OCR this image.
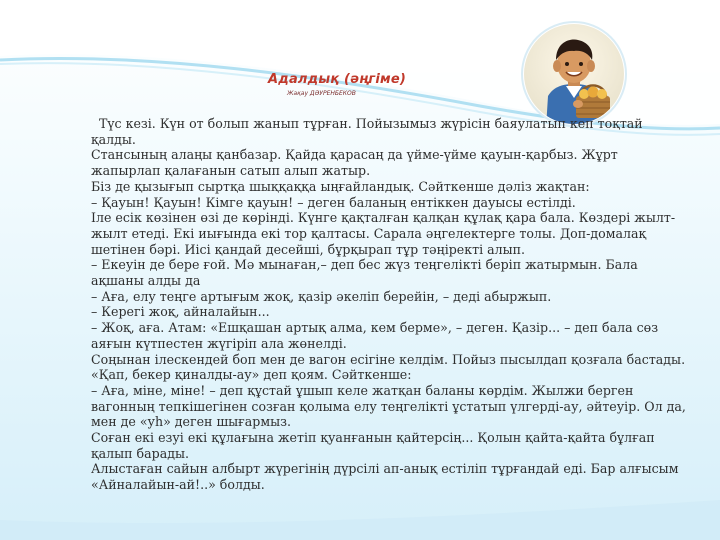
Адалдық (әңгіме)
Жақау ДӘУРЕНБЕКОВ

Түс кезі. Күн от болып жанып тұрған. Пойызымыз жүрісін баяулатып кеп тоқтай қалды.

Стансының алаңы қанбазар. Қайда қарасаң да үйме-үйме қауын-қарбыз. Жұрт жапырлап қалағанын сатып алып жатыр.

Біз де қызығып сыртқа шыққаққа ыңғайландық. Сәйткенше дәліз жақтан:

– Қауын! Қауын! Кімге қауын! – деген баланың ентіккен дауысы естілді.

Іле есік көзінен өзі де көрінді. Күнге қақталған қалқан құлақ қара бала. Көздері жылт-жылт етеді. Екі иығында екі тор қалтасы. Сарала әңгелектерге толы. Доп-домалақ шетінен бәрі. Иісі қандай десейші, бұрқырап тұр тәңіректі алып.

– Екеуін де бере ғой. Мә мынаған,– деп бес жүз теңгелікті беріп жатырмын. Бала ақшаны алды да

– Аға, елу теңге артығым жоқ, қазір әкеліп берейін, – деді абыржып.

– Керегі жоқ, айналайын...

– Жоқ, аға. Атам: «Ешқашан артық алма, кем берме», – деген. Қазір... – деп бала сөз аяғын күтпестен жүгіріп ала жөнелді.

Соңынан ілескендей боп мен де вагон есігіне келдім. Пойыз пысылдап қозғала бастады. «Қап, бекер қиналды-ау» деп қоям. Сәйткенше:

– Аға, міне, міне! – деп құстай ұшып келе жатқан баланы көрдім. Жылжи берген вагонның тепкішегінен созған қолыма елу теңгелікті ұстатып үлгерді-ау, әйтеуір. Ол да, мен де «уһ» деген шығармыз.

Соған екі езуі екі құлағына жетіп қуанғанын қайтерсің... Қолын қайта-қайта бұлғап қалып барады.

Алыстаған сайын албырт жүрегінің дүрсілі ап-анық естіліп тұрғандай еді. Бар алғысым «Айналайын-ай!..» болды.
